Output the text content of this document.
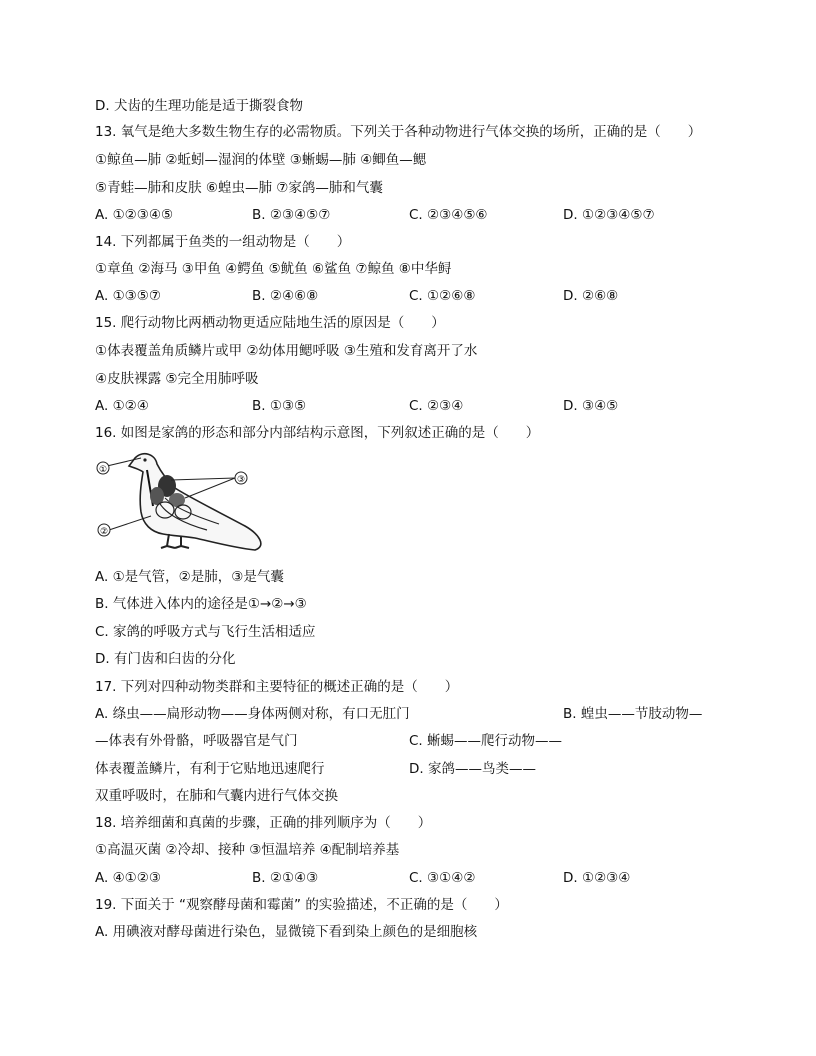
D. 犬齿的生理功能是适于撕裂食物
13. 氧气是绝大多数生物生存的必需物质。下列关于各种动物进行气体交换的场所，正确的是（　　）
①鲸鱼—肺 ②蚯蚓—湿润的体壁 ③蜥蜴—肺 ④鲫鱼—鳃
⑤青蛙—肺和皮肤 ⑥蝗虫—肺 ⑦家鸽—肺和气囊
A. ①②③④⑤	B. ②③④⑤⑦	C. ②③④⑤⑥	D. ①②③④⑤⑦
14. 下列都属于鱼类的一组动物是（　　）
①章鱼 ②海马 ③甲鱼 ④鳄鱼 ⑤鱿鱼 ⑥鲨鱼 ⑦鲸鱼 ⑧中华鲟
A. ①③⑤⑦	B. ②④⑥⑧	C. ①②⑥⑧	D. ②⑥⑧
15. 爬行动物比两栖动物更适应陆地生活的原因是（　　）
①体表覆盖角质鳞片或甲 ②幼体用鳃呼吸 ③生殖和发育离开了水
④皮肤裸露 ⑤完全用肺呼吸
A. ①②④	B. ①③⑤	C. ②③④	D. ③④⑤
16. 如图是家鸽的形态和部分内部结构示意图，下列叙述正确的是（　　）
①
②
③
A. ①是气管，②是肺，③是气囊
B. 气体进入体内的途径是①→②→③
C. 家鸽的呼吸方式与飞行生活相适应
D. 有门齿和臼齿的分化
17. 下列对四种动物类群和主要特征的概述正确的是（　　）
A. 绦虫——扁形动物——身体两侧对称，有口无肛门	B. 蝗虫——节肢动物—
—体表有外骨骼，呼吸器官是气门	C. 蜥蜴——爬行动物——
体表覆盖鳞片，有利于它贴地迅速爬行	D. 家鸽——鸟类——
双重呼吸时，在肺和气囊内进行气体交换
18. 培养细菌和真菌的步骤，正确的排列顺序为（　　）
①高温灭菌 ②冷却、接种 ③恒温培养 ④配制培养基
A. ④①②③	B. ②①④③	C. ③①④②	D. ①②③④
19. 下面关于 “观察酵母菌和霉菌” 的实验描述，不正确的是（　　）
A. 用碘液对酵母菌进行染色，显微镜下看到染上颜色的是细胞核
